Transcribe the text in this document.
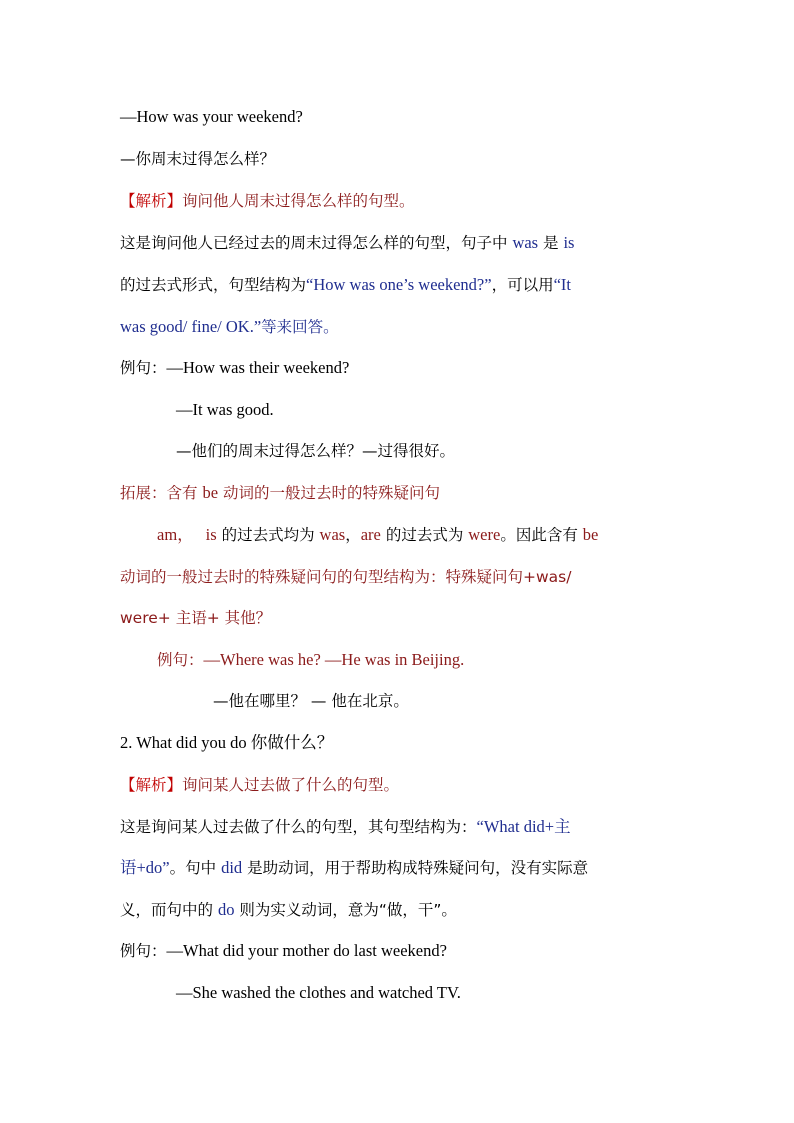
—How was your weekend?
—你周末过得怎么样？
【解析】询问他人周末过得怎么样的句型。
这是询问他人已经过去的周末过得怎么样的句型，句子中 was 是 is
的过去式形式，句型结构为“How was one’s weekend?”，可以用“It
was good/ fine/ OK.”等来回答。
例句：—How was their weekend?
—It was good.
—他们的周末过得怎么样？—过得很好。
拓展：含有 be 动词的一般过去时的特殊疑问句
am， is 的过去式均为 was，are 的过去式为 were。因此含有 be
动词的一般过去时的特殊疑问句的句型结构为：特殊疑问句+was/
were+ 主语+ 其他？
例句：—Where was he? —He was in Beijing.
—他在哪里？ — 他在北京。
2. What did you do 你做什么？
【解析】询问某人过去做了什么的句型。
这是询问某人过去做了什么的句型，其句型结构为：“What did+主
语+do”。句中 did 是助动词，用于帮助构成特殊疑问句，没有实际意
义，而句中的 do 则为实义动词，意为“做，干”。
例句：—What did your mother do last weekend?
—She washed the clothes and watched TV.
